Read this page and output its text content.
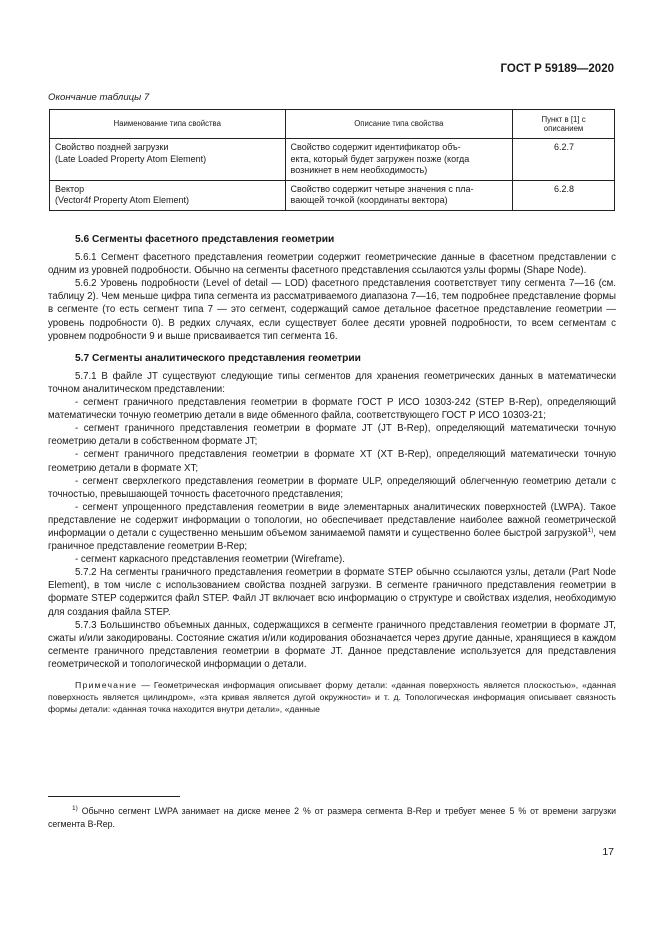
ГОСТ Р 59189—2020
Окончание таблицы 7
Наименование типа свойства	Описание типа свойства	Пункт в [1] с описанием

Свойство поздней загрузки
(Late Loaded Property Atom Element)	Свойство содержит идентификатор объ-
екта, который будет загружен позже (когда
возникнет в нем необходимость)	6.2.7
Вектор
(Vector4f Property Atom Element)	Свойство содержит четыре значения с пла-
вающей точкой (координаты вектора)	6.2.8
5.6 Сегменты фасетного представления геометрии

5.6.1 Сегмент фасетного представления геометрии содержит геометрические данные в фасетном представлении с одним из уровней подробности. Обычно на сегменты фасетного представления ссылаются узлы формы (Shape Node).

5.6.2 Уровень подробности (Level of detail — LOD) фасетного представления соответствует типу сегмента 7—16 (см. таблицу 2). Чем меньше цифра типа сегмента из рассматриваемого диапазона 7—16, тем подробнее представление формы в сегменте (то есть сегмент типа 7 — это сегмент, содержащий самое детальное фасетное представление геометрии — уровень подробности 0). В редких случаях, если существует более десяти уровней подробности, то всем сегментам с уровнем подробности 9 и выше присваивается тип сегмента 16.

5.7 Сегменты аналитического представления геометрии

5.7.1 В файле JT существуют следующие типы сегментов для хранения геометрических данных в математически точном аналитическом представлении:

- сегмент граничного представления геометрии в формате ГОСТ Р ИСО 10303-242 (STEP B-Rep), определяющий математически точную геометрию детали в виде обменного файла, соответствующего ГОСТ Р ИСО 10303-21;

- сегмент граничного представления геометрии в формате JT (JT B-Rep), определяющий математически точную геометрию детали в собственном формате JT;

- сегмент граничного представления геометрии в формате XT (XT B-Rep), определяющий математически точную геометрию детали в формате XT;

- сегмент сверхлегкого представления геометрии в формате ULP, определяющий облегченную геометрию детали с точностью, превышающей точность фасеточного представления;

- сегмент упрощенного представления геометрии в виде элементарных аналитических поверхностей (LWPA). Такое представление не содержит информации о топологии, но обеспечивает представление наиболее важной геометрической информации о детали с существенно меньшим объемом занимаемой памяти и существенно более быстрой загрузкой$^{1)}$, чем граничное представление геометрии B-Rep;

- сегмент каркасного представления геометрии (Wireframe).

5.7.2 На сегменты граничного представления геометрии в формате STEP обычно ссылаются узлы, детали (Part Node Element), в том числе с использованием свойства поздней загрузки. В сегменте граничного представления геометрии в формате STEP содержится файл STEP. Файл JT включает всю информацию о структуре и свойствах изделия, необходимую для создания файла STEP.

5.7.3 Большинство объемных данных, содержащихся в сегменте граничного представления геометрии в формате JT, сжаты и/или закодированы. Состояние сжатия и/или кодирования обозначается через другие данные, хранящиеся в каждом сегменте граничного представления геометрии в формате JT. Данное представление используется для представления геометрической и топологической информации о детали.

Примечание — Геометрическая информация описывает форму детали: «данная поверхность является плоскостью», «данная поверхность является цилиндром», «эта кривая является дугой окружности» и т. д. Топологическая информация описывает связность формы детали: «данная точка находится внутри детали», «данные

$^{1)}$ Обычно сегмент LWPA занимает на диске менее 2 % от размера сегмента B-Rep и требует менее 5 % от времени загрузки сегмента B-Rep.
17
